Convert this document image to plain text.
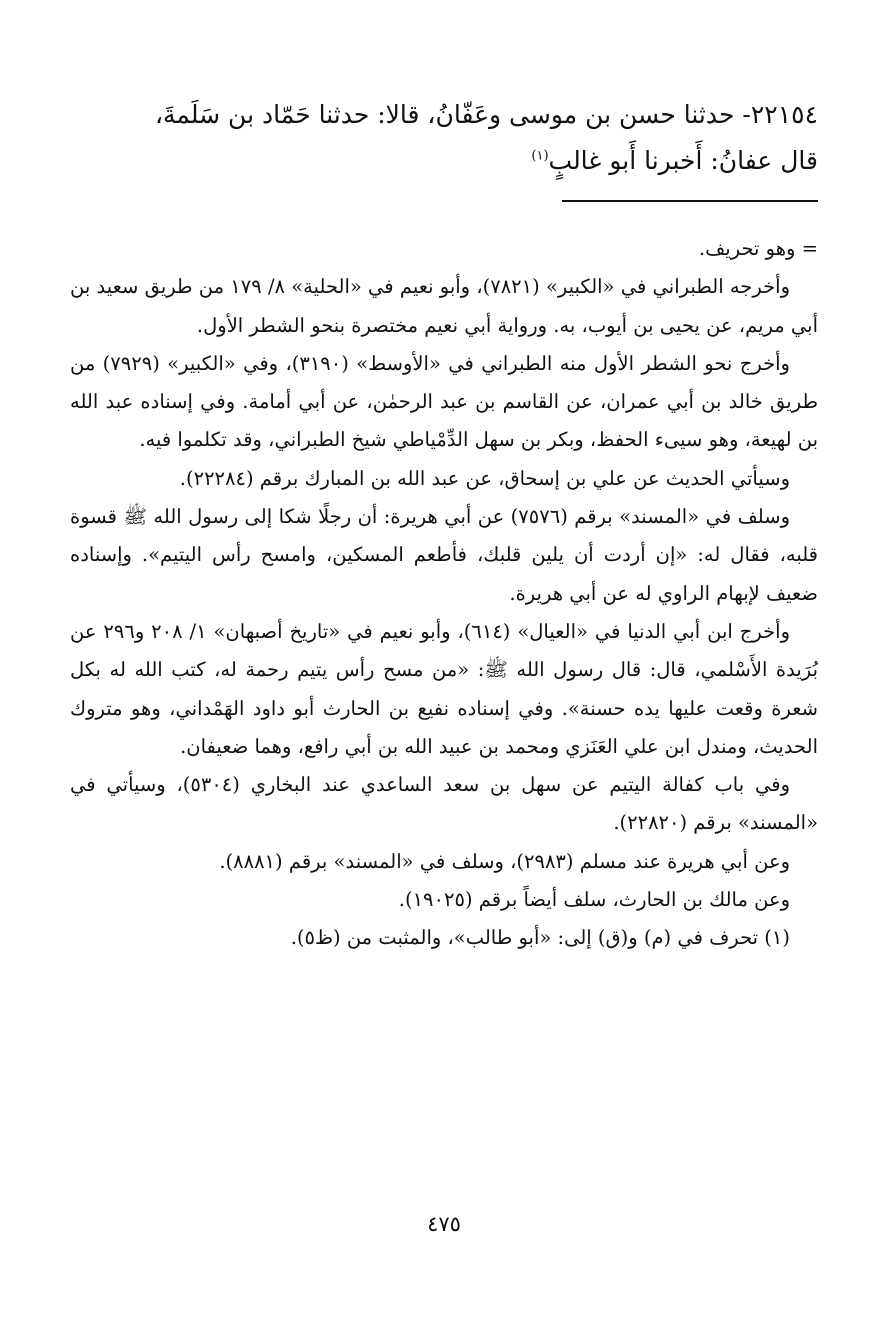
٢٢١٥٤- حدثنا حسن بن موسى وعَفّانُ، قالا: حدثنا حَمّاد بن سَلَمةَ،

قال عفانُ: أَخبرنا أَبو غالبٍ$^{(١)}$

= وهو تحريف.

وأخرجه الطبراني في «الكبير» (٧٨٢١)، وأبو نعيم في «الحلية» ٨/ ١٧٩ من طريق سعيد بن أبي مريم، عن يحيى بن أيوب، به. ورواية أبي نعيم مختصرة بنحو الشطر الأول.

وأخرج نحو الشطر الأول منه الطبراني في «الأوسط» (٣١٩٠)، وفي «الكبير» (٧٩٢٩) من طريق خالد بن أبي عمران، عن القاسم بن عبد الرحمٰن، عن أبي أمامة. وفي إسناده عبد الله بن لهيعة، وهو سيىء الحفظ، وبكر بن سهل الدِّمْياطي شيخ الطبراني، وقد تكلموا فيه.

وسيأتي الحديث عن علي بن إسحاق، عن عبد الله بن المبارك برقم (٢٢٢٨٤).

وسلف في «المسند» برقم (٧٥٧٦) عن أبي هريرة: أن رجلًا شكا إلى رسول الله ﷺ قسوة قلبه، فقال له: «إن أردت أن يلين قلبك، فأطعم المسكين، وامسح رأس اليتيم». وإسناده ضعيف لإبهام الراوي له عن أبي هريرة.

وأخرج ابن أبي الدنيا في «العيال» (٦١٤)، وأبو نعيم في «تاريخ أصبهان» ١/ ٢٠٨ و٢٩٦ عن بُرَيدة الأَسْلمي، قال: قال رسول الله ﷺ: «من مسح رأس يتيم رحمة له، كتب الله له بكل شعرة وقعت عليها يده حسنة». وفي إسناده نفيع بن الحارث أبو داود الهَمْداني، وهو متروك الحديث، ومندل ابن علي العَنَزي ومحمد بن عبيد الله بن أبي رافع، وهما ضعيفان.

وفي باب كفالة اليتيم عن سهل بن سعد الساعدي عند البخاري (٥٣٠٤)، وسيأتي في «المسند» برقم (٢٢٨٢٠).

وعن أبي هريرة عند مسلم (٢٩٨٣)، وسلف في «المسند» برقم (٨٨٨١).

وعن مالك بن الحارث، سلف أيضاً برقم (١٩٠٢٥).

(١) تحرف في (م) و(ق) إلى: «أبو طالب»، والمثبت من (ظ٥).

٤٧٥
